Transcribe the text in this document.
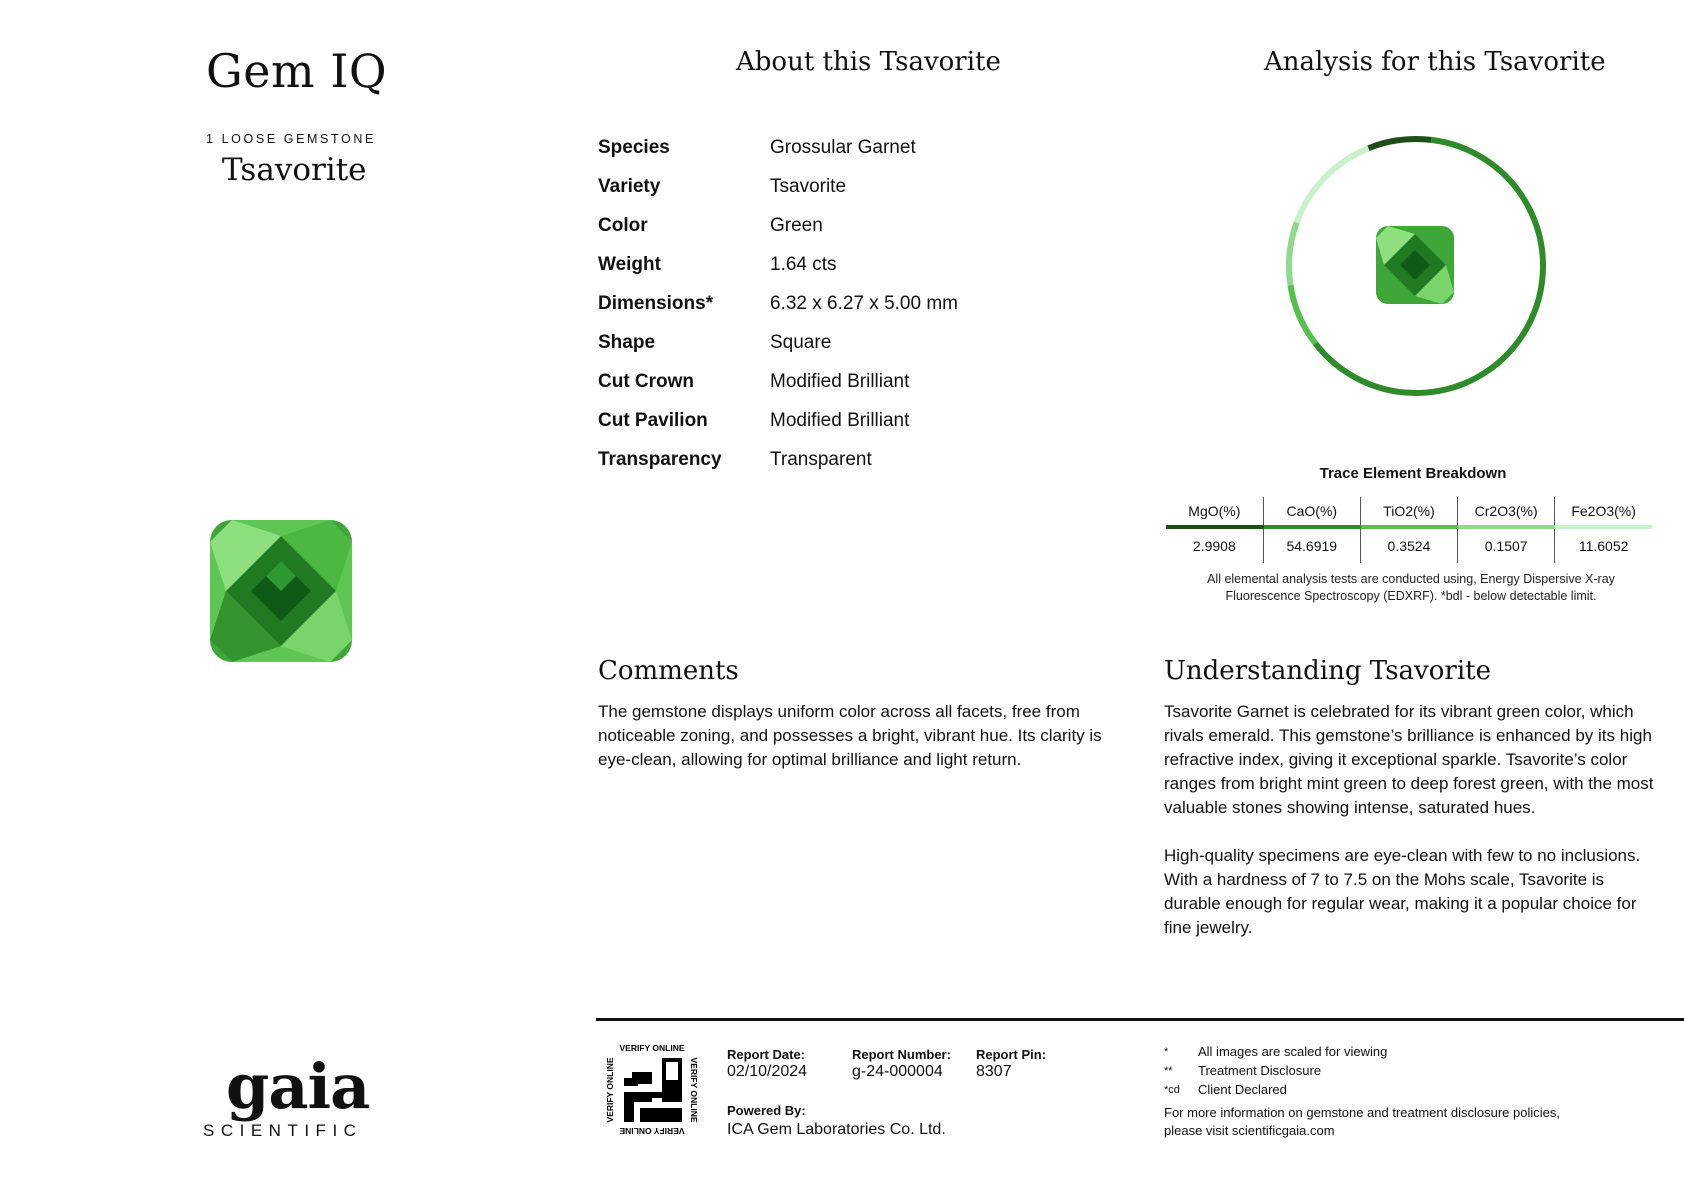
Gem IQ
1 LOOSE GEMSTONE
Tsavorite
gaia
SCIENTIFIC
About this Tsavorite
Species	Grossular Garnet
Variety	Tsavorite
Color	Green
Weight	1.64 cts
Dimensions*	6.32 x 6.27 x 5.00 mm
Shape	Square
Cut Crown	Modified Brilliant
Cut Pavilion	Modified Brilliant
Transparency	Transparent
Analysis for this Tsavorite
Trace Element Breakdown
MgO(%)	CaO(%)	TiO2(%)	Cr2O3(%)	Fe2O3(%)
2.9908	54.6919	0.3524	0.1507	11.6052
All elemental analysis tests are conducted using, Energy Dispersive X-ray
Fluorescence Spectroscopy (EDXRF). *bdl - below detectable limit.
Comments
The gemstone displays uniform color across all facets, free from noticeable zoning, and possesses a bright, vibrant hue. Its clarity is eye-clean, allowing for optimal brilliance and light return.
Understanding Tsavorite
Tsavorite Garnet is celebrated for its vibrant green color, which rivals emerald. This gemstone’s brilliance is enhanced by its high refractive index, giving it exceptional sparkle. Tsavorite’s color ranges from bright mint green to deep forest green, with the most valuable stones showing intense, saturated hues.
High-quality specimens are eye-clean with few to no inclusions. With a hardness of 7 to 7.5 on the Mohs scale, Tsavorite is durable enough for regular wear, making it a popular choice for fine jewelry.
VERIFY ONLINE
VERIFY ONLINE
VERIFY ONLINE	VERIFY ONLINE
Report Date:
02/10/2024
Report Number:
g-24-000004
Report Pin:
8307
Powered By:
ICA Gem Laboratories Co. Ltd.
*	All images are scaled for viewing
**	Treatment Disclosure
*cd	Client Declared
For more information on gemstone and treatment disclosure policies,
please visit scientificgaia.com
